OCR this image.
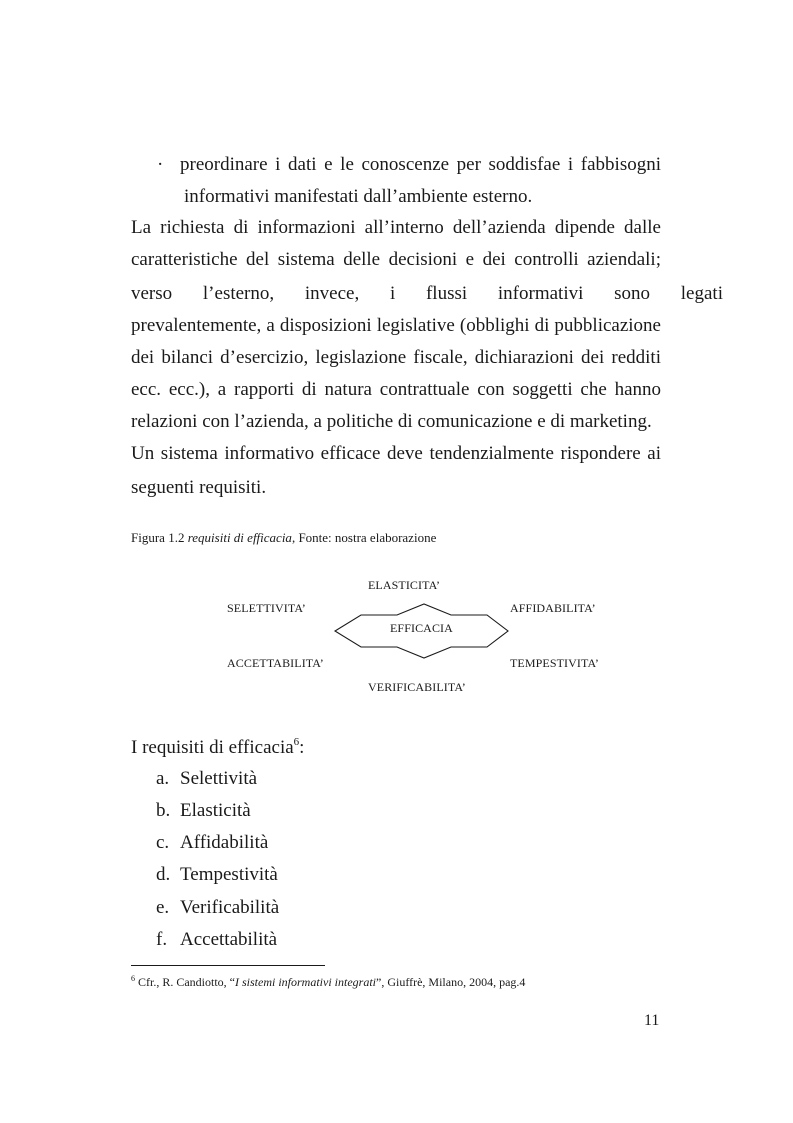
· preordinare i dati e le conoscenze per soddisfae i fabbisogni
informativi manifestati dall’ambiente esterno.
La richiesta di informazioni all’interno dell’azienda dipende dalle
caratteristiche del sistema delle decisioni e dei controlli aziendali;
verso l’esterno, invece, i flussi informativi sono legati
prevalentemente, a disposizioni legislative (obblighi di pubblicazione
dei bilanci d’esercizio, legislazione fiscale, dichiarazioni dei redditi
ecc. ecc.), a rapporti di natura contrattuale con soggetti che hanno
relazioni con l’azienda, a politiche di comunicazione e di marketing.
Un sistema informativo efficace deve tendenzialmente rispondere ai
seguenti requisiti.
Figura 1.2 requisiti di efficacia, Fonte: nostra elaborazione
EFFICACIA
ELASTICITA’
SELETTIVITA’	AFFIDABILITA’
ACCETTABILITA’	TEMPESTIVITA’
VERIFICABILITA’
I requisiti di efficacia$^6$:
a. Selettività
b. Elasticità
c. Affidabilità
d. Tempestività
e. Verificabilità
f. Accettabilità
$^6$ Cfr., R. Candiotto, “I sistemi informativi integrati”, Giuffrè, Milano, 2004, pag.4
11
